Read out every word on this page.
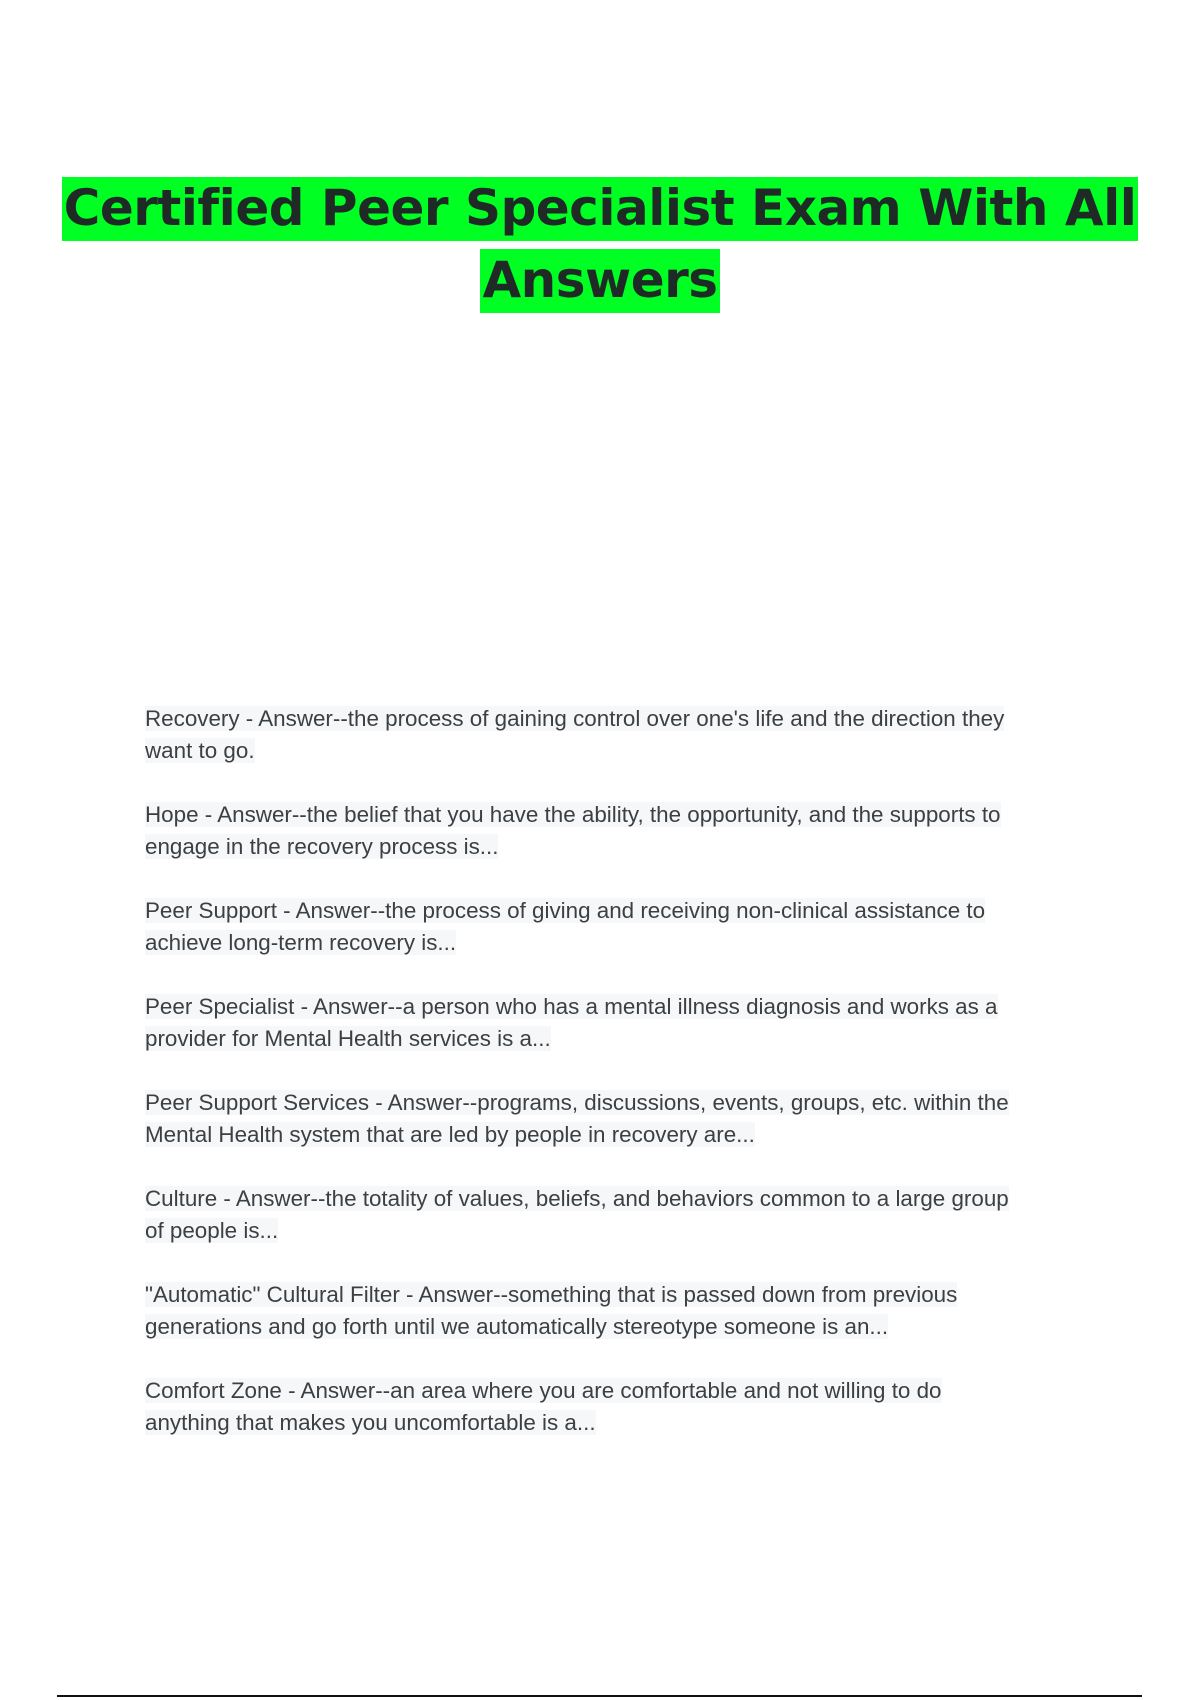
Certified Peer Specialist Exam With All
Answers
Recovery - Answer--the process of gaining control over one's life and the direction they
want to go.
Hope - Answer--the belief that you have the ability, the opportunity, and the supports to
engage in the recovery process is...
Peer Support - Answer--the process of giving and receiving non-clinical assistance to
achieve long-term recovery is...
Peer Specialist - Answer--a person who has a mental illness diagnosis and works as a
provider for Mental Health services is a...
Peer Support Services - Answer--programs, discussions, events, groups, etc. within the
Mental Health system that are led by people in recovery are...
Culture - Answer--the totality of values, beliefs, and behaviors common to a large group
of people is...
"Automatic" Cultural Filter - Answer--something that is passed down from previous
generations and go forth until we automatically stereotype someone is an...
Comfort Zone - Answer--an area where you are comfortable and not willing to do
anything that makes you uncomfortable is a...
